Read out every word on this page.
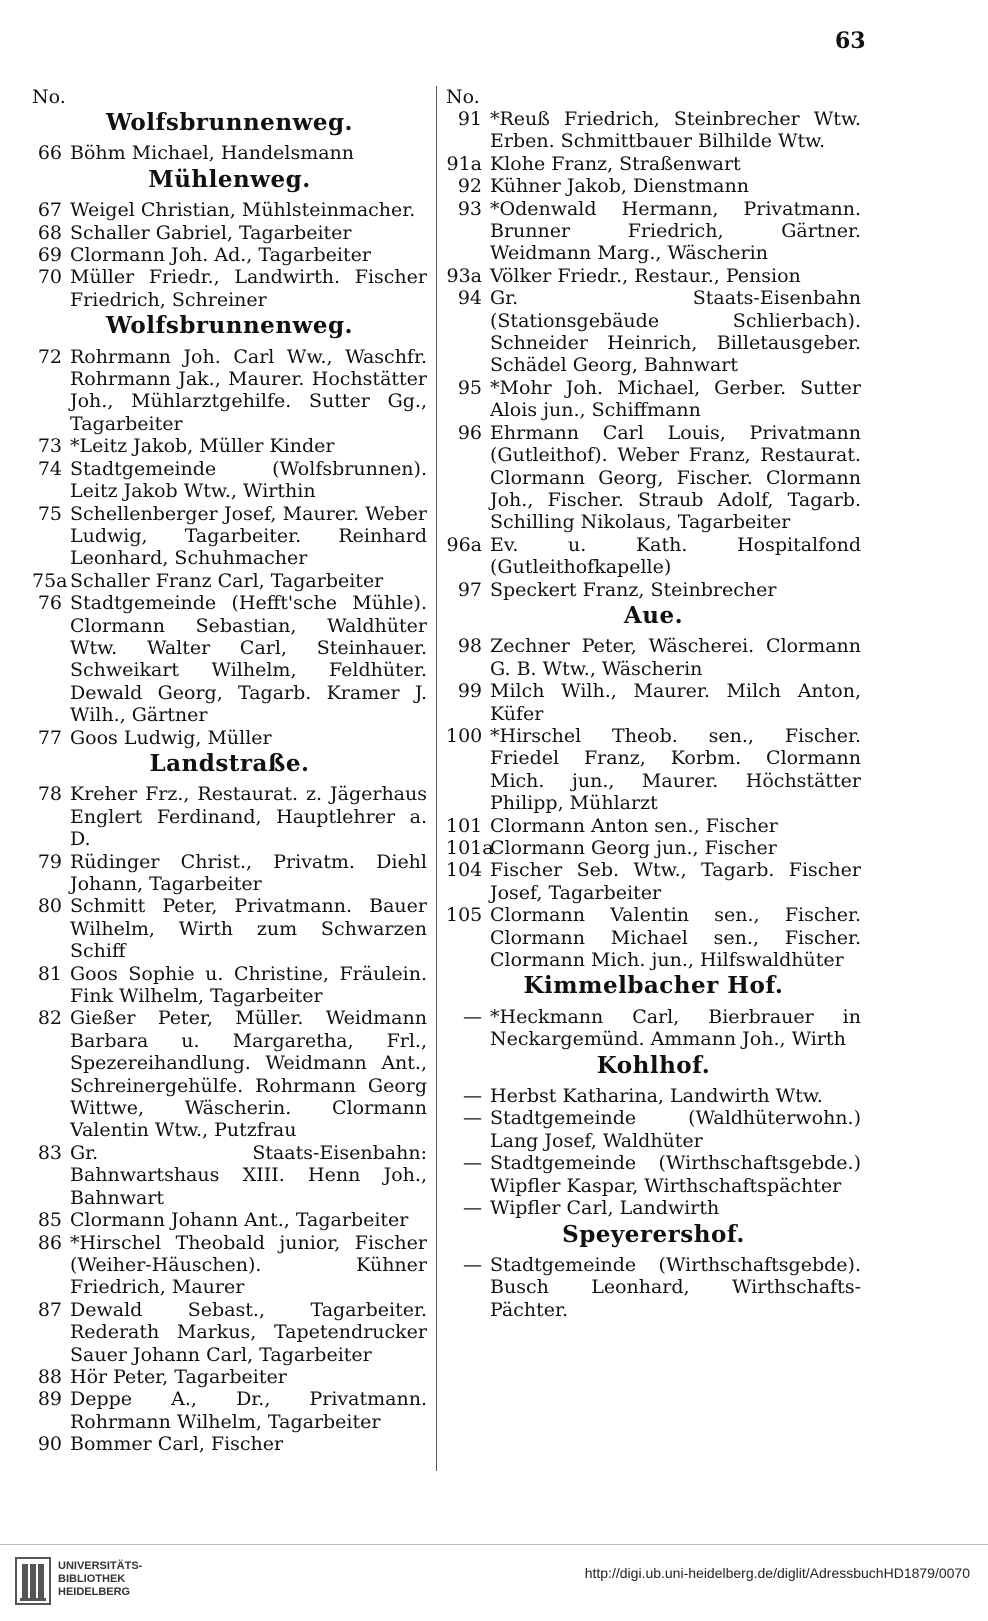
63
No.
Wolfsbrunnenweg.
66 Böhm Michael, Handelsmann
Mühlenweg.
67 Weigel Christian, Mühlsteinmacher.
68 Schaller Gabriel, Tagarbeiter
69 Clormann Joh. Ad., Tagarbeiter
70 Müller Friedr., Landwirth. Fischer Friedrich, Schreiner
Wolfsbrunnenweg.
72 Rohrmann Joh. Carl Ww., Waschfr. Rohrmann Jak., Maurer. Hochstätter Joh., Mühlarztgehilfe. Sutter Gg., Tagarbeiter
73 *Leitz Jakob, Müller Kinder
74 Stadtgemeinde (Wolfsbrunnen). Leitz Jakob Wtw., Wirthin
75 Schellenberger Josef, Maurer. Weber Ludwig, Tagarbeiter. Reinhard Leonhard, Schuhmacher
75a Schaller Franz Carl, Tagarbeiter
76 Stadtgemeinde (Hefft'sche Mühle). Clormann Sebastian, Waldhüter Wtw. Walter Carl, Steinhauer. Schweikart Wilhelm, Feldhüter. Dewald Georg, Tagarb. Kramer J. Wilh., Gärtner
77 Goos Ludwig, Müller
Landstraße.
78 Kreher Frz., Restaurat. z. Jägerhaus Englert Ferdinand, Hauptlehrer a. D.
79 Rüdinger Christ., Privatm. Diehl Johann, Tagarbeiter
80 Schmitt Peter, Privatmann. Bauer Wilhelm, Wirth zum Schwarzen Schiff
81 Goos Sophie u. Christine, Fräulein. Fink Wilhelm, Tagarbeiter
82 Gießer Peter, Müller. Weidmann Barbara u. Margaretha, Frl., Spezereihandlung. Weidmann Ant., Schreinergehülfe. Rohrmann Georg Wittwe, Wäscherin. Clormann Valentin Wtw., Putzfrau
83 Gr. Staats-Eisenbahn: Bahnwartshaus XIII. Henn Joh., Bahnwart
85 Clormann Johann Ant., Tagarbeiter
86 *Hirschel Theobald junior, Fischer (Weiher-Häuschen). Kühner Friedrich, Maurer
87 Dewald Sebast., Tagarbeiter. Rederath Markus, Tapetendrucker Sauer Johann Carl, Tagarbeiter
88 Hör Peter, Tagarbeiter
89 Deppe A., Dr., Privatmann. Rohrmann Wilhelm, Tagarbeiter
90 Bommer Carl, Fischer
No.
91 *Reuß Friedrich, Steinbrecher Wtw. Erben. Schmittbauer Bilhilde Wtw.
91a Klohe Franz, Straßenwart
92 Kühner Jakob, Dienstmann
93 *Odenwald Hermann, Privatmann. Brunner Friedrich, Gärtner. Weidmann Marg., Wäscherin
93a Völker Friedr., Restaur., Pension
94 Gr. Staats-Eisenbahn (Stationsgebäude Schlierbach). Schneider Heinrich, Billetausgeber. Schädel Georg, Bahnwart
95 *Mohr Joh. Michael, Gerber. Sutter Alois jun., Schiffmann
96 Ehrmann Carl Louis, Privatmann (Gutleithof). Weber Franz, Restaurat. Clormann Georg, Fischer. Clormann Joh., Fischer. Straub Adolf, Tagarb. Schilling Nikolaus, Tagarbeiter
96a Ev. u. Kath. Hospitalfond (Gutleithofkapelle)
97 Speckert Franz, Steinbrecher
Aue.
98 Zechner Peter, Wäscherei. Clormann G. B. Wtw., Wäscherin
99 Milch Wilh., Maurer. Milch Anton, Küfer
100 *Hirschel Theob. sen., Fischer. Friedel Franz, Korbm. Clormann Mich. jun., Maurer. Höchstätter Philipp, Mühlarzt
101 Clormann Anton sen., Fischer
101a
Clormann Georg jun., Fischer
104 Fischer Seb. Wtw., Tagarb. Fischer Josef, Tagarbeiter
105 Clormann Valentin sen., Fischer. Clormann Michael sen., Fischer. Clormann Mich. jun., Hilfswaldhüter
Kimmelbacher Hof.
— *Heckmann Carl, Bierbrauer in Neckargemünd. Ammann Joh., Wirth
Kohlhof.
— Herbst Katharina, Landwirth Wtw.
— Stadtgemeinde (Waldhüterwohn.) Lang Josef, Waldhüter
— Stadtgemeinde (Wirthschaftsgebde.) Wipfler Kaspar, Wirthschaftspächter
— Wipfler Carl, Landwirth
Speyerershof.
— Stadtgemeinde (Wirthschaftsgebde). Busch Leonhard, Wirthschafts-Pächter.
UNIVERSITÄTS-
BIBLIOTHEK
HEIDELBERG
http://digi.ub.uni-heidelberg.de/diglit/AdressbuchHD1879/0070
